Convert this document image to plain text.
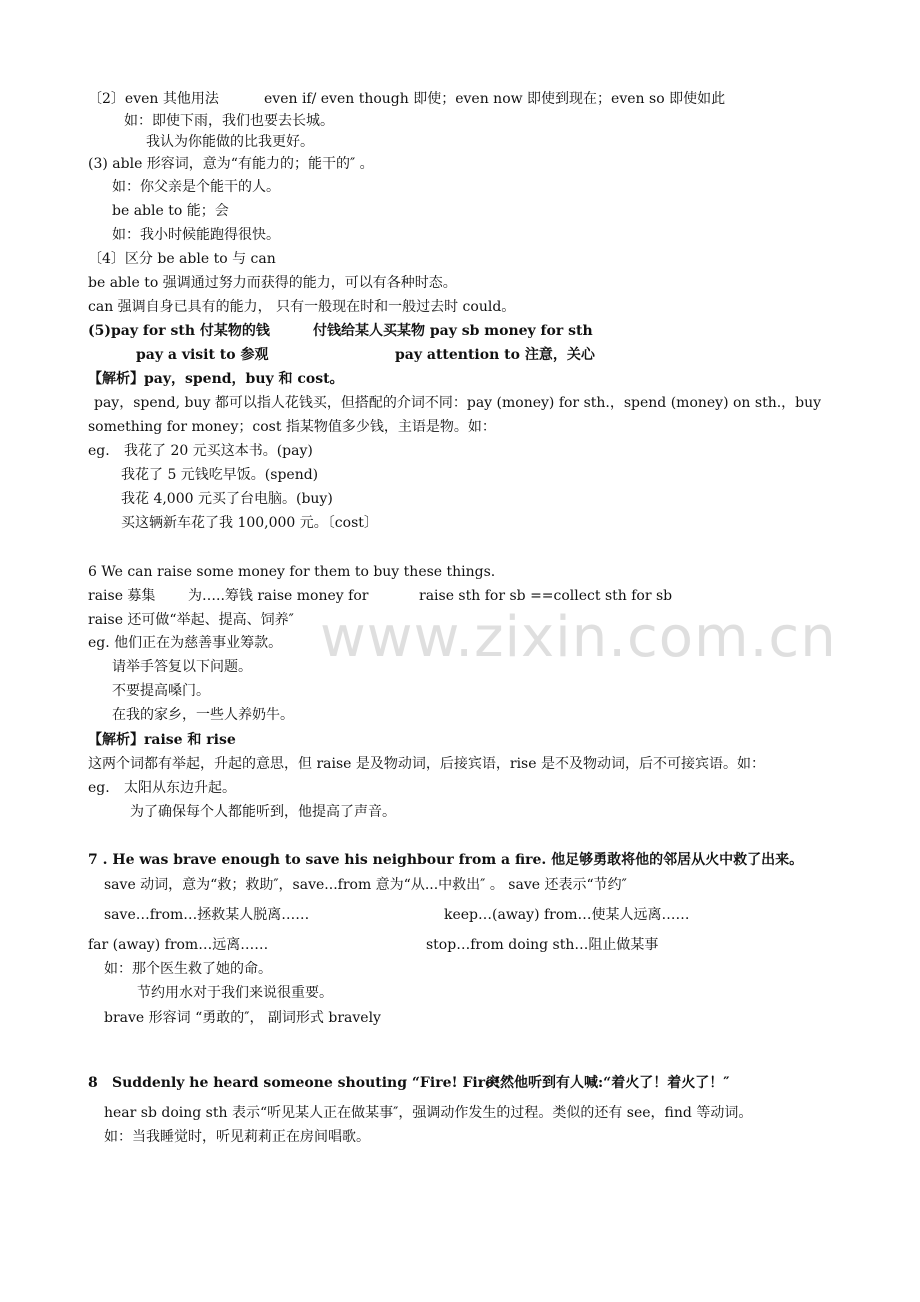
www.zixin.com.cn
〔2〕even 其他用法	even if/ even though 即使；even now 即使到现在；even so 即使如此
如：即使下雨，我们也要去长城。
我认为你能做的比我更好。
(3) able 形容词，意为“有能力的；能干的″ 。
如：你父亲是个能干的人。
be able to 能；会
如：我小时候能跑得很快。
〔4〕区分 be able to 与 can
be able to 强调通过努力而获得的能力，可以有各种时态。
can 强调自身已具有的能力， 只有一般现在时和一般过去时 could。
(5)pay for sth 付某物的钱	付钱给某人买某物 pay sb money for sth
pay a visit to 参观	pay attention to 注意，关心
【解析】pay，spend，buy 和 cost。
pay，spend, buy 都可以指人花钱买，但搭配的介词不同：pay (money) for sth.，spend (money) on sth.，buy
something for money；cost 指某物值多少钱，主语是物。如：
eg. 我花了 20 元买这本书。(pay)
我花了 5 元钱吃早饭。(spend)
我花 4,000 元买了台电脑。(buy)
买这辆新车花了我 100,000 元。〔cost〕
6 We can raise some money for them to buy these things.
raise 募集 为…..筹钱 raise money for	raise sth for sb ==collect sth for sb
raise 还可做“举起、提高、饲养″
eg. 他们正在为慈善事业筹款。
请举手答复以下问题。
不要提高嗓门。
在我的家乡，一些人养奶牛。
【解析】raise 和 rise
这两个词都有举起，升起的意思，但 raise 是及物动词，后接宾语，rise 是不及物动词，后不可接宾语。如：
eg. 太阳从东边升起。
为了确保每个人都能听到，他提高了声音。
7 . He was brave enough to save his neighbour from a fire. 他足够勇敢将他的邻居从火中救了出来。
save 动词，意为“救；救助″，save...from 意为“从...中救出″ 。 save 还表示“节约″
save…from…拯救某人脱离……	keep…(away) from…使某人远离……
far (away) from…远离……	stop…from doing sth…阻止做某事
如：那个医生救了她的命。
节约用水对于我们来说很重要。
brave 形容词 “勇敢的″， 副词形式 bravely
8 Suddenly he heard someone shouting “Fire! Fire! ″
突然他听到有人喊:“着火了！着火了！″
hear sb doing sth 表示“听见某人正在做某事″，强调动作发生的过程。类似的还有 see，find 等动词。
如：当我睡觉时，听见莉莉正在房间唱歌。
